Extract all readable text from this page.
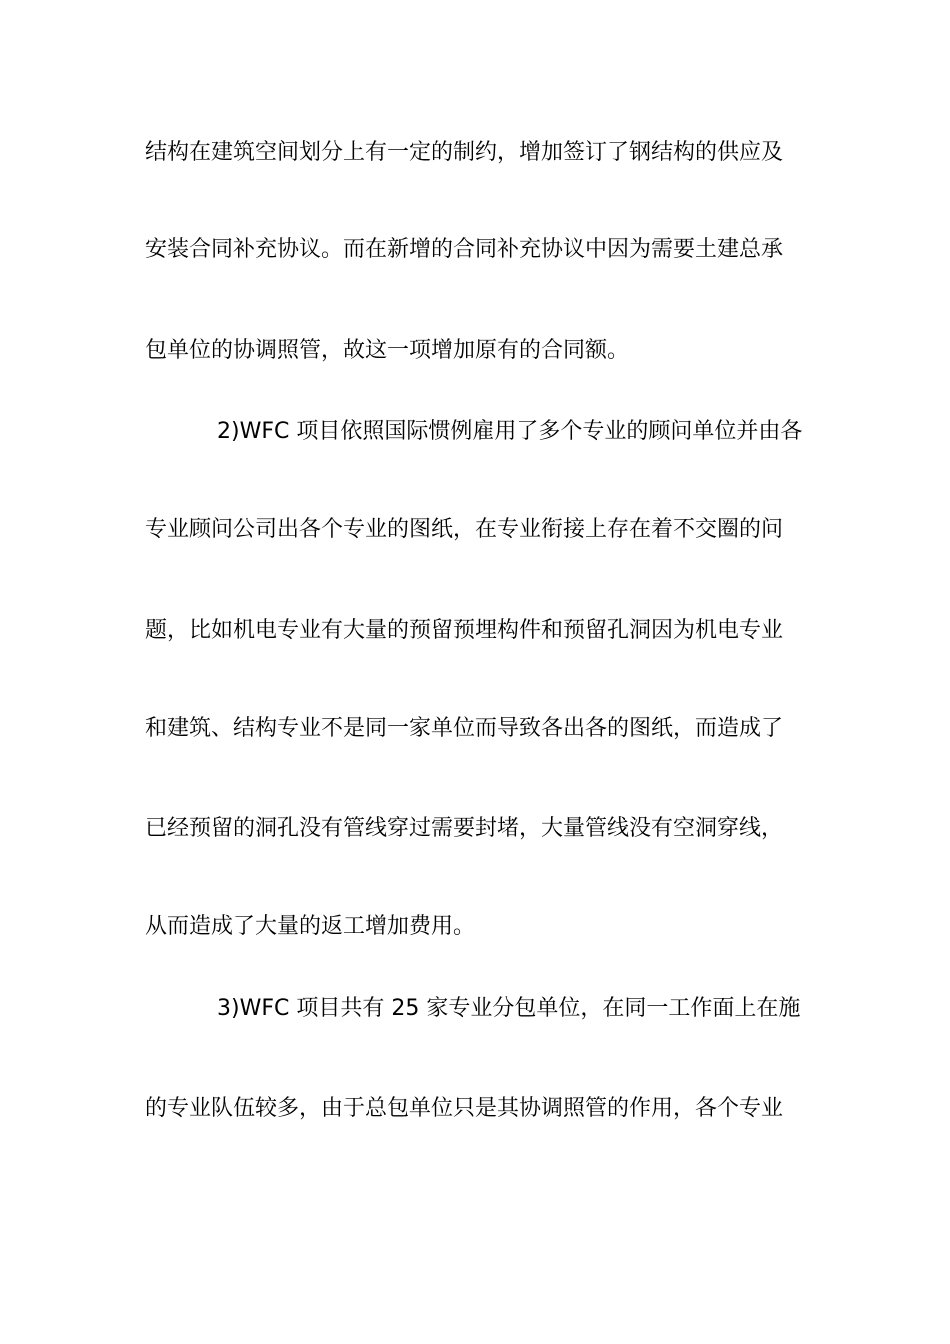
结构在建筑空间划分上有一定的制约，增加签订了钢结构的供应及
安装合同补充协议。而在新增的合同补充协议中因为需要土建总承
包单位的协调照管，故这一项增加原有的合同额。
2)WFC 项目依照国际惯例雇用了多个专业的顾问单位并由各
专业顾问公司出各个专业的图纸，在专业衔接上存在着不交圈的问
题，比如机电专业有大量的预留预埋构件和预留孔洞因为机电专业
和建筑、结构专业不是同一家单位而导致各出各的图纸，而造成了
已经预留的洞孔没有管线穿过需要封堵，大量管线没有空洞穿线，
从而造成了大量的返工增加费用。
3)WFC 项目共有 25 家专业分包单位，在同一工作面上在施
的专业队伍较多，由于总包单位只是其协调照管的作用，各个专业
